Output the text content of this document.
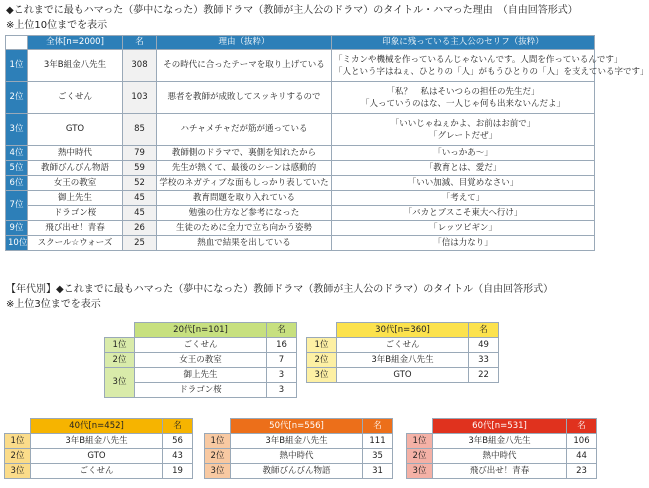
◆これまでに最もハマった（夢中になった）教師ドラマ（教師が主人公のドラマ）のタイトル・ハマった理由　（自由回答形式）
※上位10位までを表示
	全体[n=2000]	名	理由（抜粋）	印象に残っている主人公のセリフ（抜粋）
1位	3年B組金八先生	308	その時代に合ったテーマを取り上げている	「ミカンや機械を作っているんじゃないんです。人間を作っているんです」
「人という字はねぇ、ひとりの「人」がもうひとりの「人」を支えている字です」

2位	ごくせん	103	悪者を教師が成敗してスッキリするので	「私？　私はそいつらの担任の先生だ」
「人っていうのはな、一人じゃ何も出来ないんだよ」

3位	GTO	85	ハチャメチャだが筋が通っている	「いいじゃねぇかよ、お前はお前で」
「グレートだぜ」

4位	熱中時代	79	教師側のドラマで、裏側を知れたから	「いっかあ～」
5位	教師びんびん物語	59	先生が熱くて、最後のシーンは感動的	「教育とは、愛だ」
6位	女王の教室	52	学校のネガティブな面もしっかり表していた	「いい加減、目覚めなさい」
7位	御上先生	45	教育問題を取り入れている	「考えて」
	ドラゴン桜	45	勉強の仕方など参考になった	「バカとブスこそ東大へ行け」
9位	飛び出せ！青春	26	生徒のために全力で立ち向かう姿勢	「レッツビギン」
10位	スクール☆ウォーズ	25	熱血で結果を出している	「信は力なり」
【年代別】◆これまでに最もハマった（夢中になった）教師ドラマ（教師が主人公のドラマ）のタイトル（自由回答形式）
※上位3位までを表示
	20代[n=101]	名
1位	ごくせん	16
2位	女王の教室	7
3位	御上先生	3
	ドラゴン桜	3
	30代[n=360]	名
1位	ごくせん	49
2位	3年B組金八先生	33
3位	GTO	22
	40代[n=452]	名
1位	3年B組金八先生	56
2位	GTO	43
3位	ごくせん	19
	50代[n=556]	名
1位	3年B組金八先生	111
2位	熱中時代	35
3位	教師びんびん物語	31
	60代[n=531]	名
1位	3年B組金八先生	106
2位	熱中時代	44
3位	飛び出せ！青春	23
